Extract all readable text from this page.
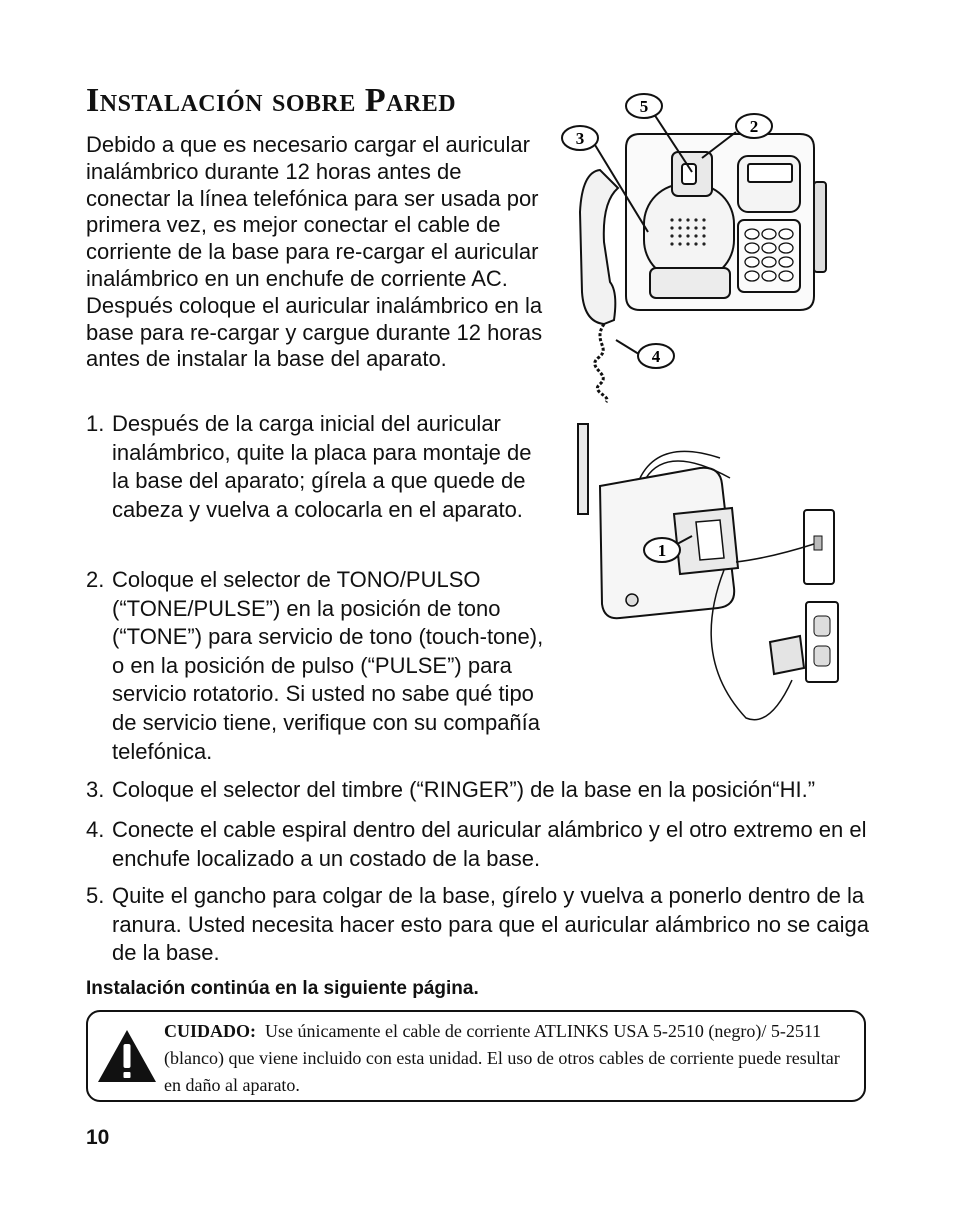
Instalación sobre Pared

Debido a que es necesario cargar el auricular inalámbrico durante 12 horas antes de conectar la línea telefónica para ser usada por primera vez, es mejor conectar el cable de corriente de la base para re-cargar el auricular inalámbrico en un enchufe de corriente AC. Después coloque el auricular inalámbrico en la base para re-cargar y cargue durante 12 horas antes de instalar la base del aparato.

1. Después de la carga inicial del auricular inalámbrico, quite la placa para montaje de la base del aparato; gírela a que quede de cabeza y vuelva a colocarla en el aparato.
2. Coloque el selector de TONO/PULSO (“TONE/PULSE”) en la posición de tono (“TONE”) para servicio de tono (touch-tone), o en la posición de pulso (“PULSE”) para servicio rotatorio. Si usted no sabe qué tipo de servicio tiene, verifique con su compañía telefónica.
3. Coloque el selector del timbre (“RINGER”) de la base en la posición“HI.”
4. Conecte el cable espiral dentro del auricular alámbrico y el otro extremo en el enchufe localizado a un costado de la base.
5. Quite el gancho para colgar de la base, gírelo y vuelva a ponerlo dentro de la ranura. Usted necesita hacer esto para que el auricular alámbrico no se caiga de la base.

Instalación continúa en la siguiente página.

CUIDADO: Use únicamente el cable de corriente ATLINKS USA 5-2510 (negro)/ 5-2511 (blanco) que viene incluido con esta unidad. El uso de otros cables de corriente puede resultar en daño al aparato.

10

5
3
2
4
1
